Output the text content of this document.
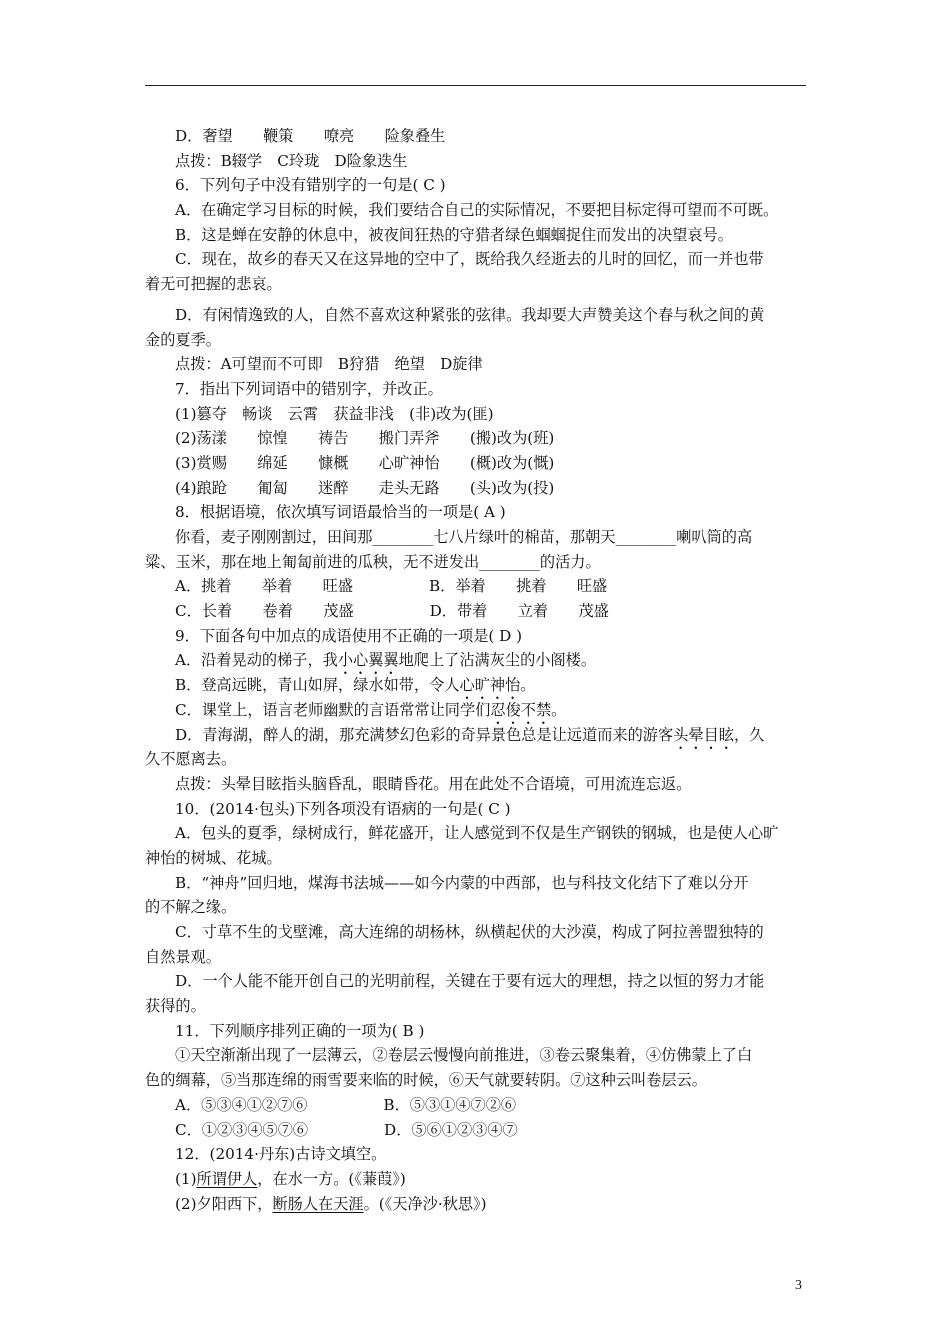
D．奢望　　鞭策　　嘹亮　　险象叠生
点拨：B辍学　C玲珑　D险象迭生
6．下列句子中没有错别字的一句是( C )
A．在确定学习目标的时候，我们要结合自己的实际情况，不要把目标定得可望而不可既。
B．这是蝉在安静的休息中，被夜间狂热的守猎者绿色蝈蝈捉住而发出的决望哀号。
C．现在，故乡的春天又在这异地的空中了，既给我久经逝去的儿时的回忆，而一并也带
着无可把握的悲哀。
D．有闲情逸致的人，自然不喜欢这种紧张的弦律。我却要大声赞美这个春与秋之间的黄
金的夏季。
点拨：A可望而不可即　B狩猎　绝望　D旋律
7．指出下列词语中的错别字，并改正。
(1)篡夺　畅谈　云霄　获益非浅　(非)改为(匪)
(2)荡漾　　惊惶　　祷告　　搬门弄斧　　(搬)改为(班)
(3)赏赐　　绵延　　慷概　　心旷神怡　　(概)改为(慨)
(4)踉跄　　匍匐　　迷醉　　走头无路　　(头)改为(投)
8．根据语境，依次填写词语最恰当的一项是( A )
你看，麦子刚刚割过，田间那________七八片绿叶的棉苗，那朝天________喇叭筒的高
粱、玉米，那在地上匍匐前进的瓜秧，无不迸发出________的活力。
A．挑着　　举着　　旺盛　　　　　B．举着　　挑着　　旺盛
C．长着　　卷着　　茂盛　　　　　D．带着　　立着　　茂盛
9．下面各句中加点的成语使用不正确的一项是( D )
A．沿着晃动的梯子，我小心翼翼地爬上了沾满灰尘的小阁楼。
B．登高远眺，青山如屏，绿水如带，令人心旷神怡。
C．课堂上，语言老师幽默的言语常常让同学们忍俊不禁。
D．青海湖，醉人的湖，那充满梦幻色彩的奇异景色总是让远道而来的游客头晕目眩，久
久不愿离去。
点拨：头晕目眩指头脑昏乱，眼睛昏花。用在此处不合语境，可用流连忘返。
10．(2014·包头)下列各项没有语病的一句是( C )
A．包头的夏季，绿树成行，鲜花盛开，让人感觉到不仅是生产钢铁的钢城，也是使人心旷
神怡的树城、花城。
B．“神舟”回归地，煤海书法城——如今内蒙的中西部，也与科技文化结下了难以分开
的不解之缘。
C．寸草不生的戈壁滩，高大连绵的胡杨林，纵横起伏的大沙漠，构成了阿拉善盟独特的
自然景观。
D．一个人能不能开创自己的光明前程，关键在于要有远大的理想，持之以恒的努力才能
获得的。
11．下列顺序排列正确的一项为( B )
①天空渐渐出现了一层薄云，②卷层云慢慢向前推进，③卷云聚集着，④仿佛蒙上了白
色的绸幕，⑤当那连绵的雨雪要来临的时候，⑥天气就要转阴。⑦这种云叫卷层云。
A．⑤③④①②⑦⑥　　　　　B．⑤③①④⑦②⑥
C．①②③④⑤⑦⑥　　　　　D．⑤⑥①②③④⑦
12．(2014·丹东)古诗文填空。
(1)所谓伊人，在水一方。(《蒹葭》)
(2)夕阳西下，断肠人在天涯。(《天净沙·秋思》)
3
